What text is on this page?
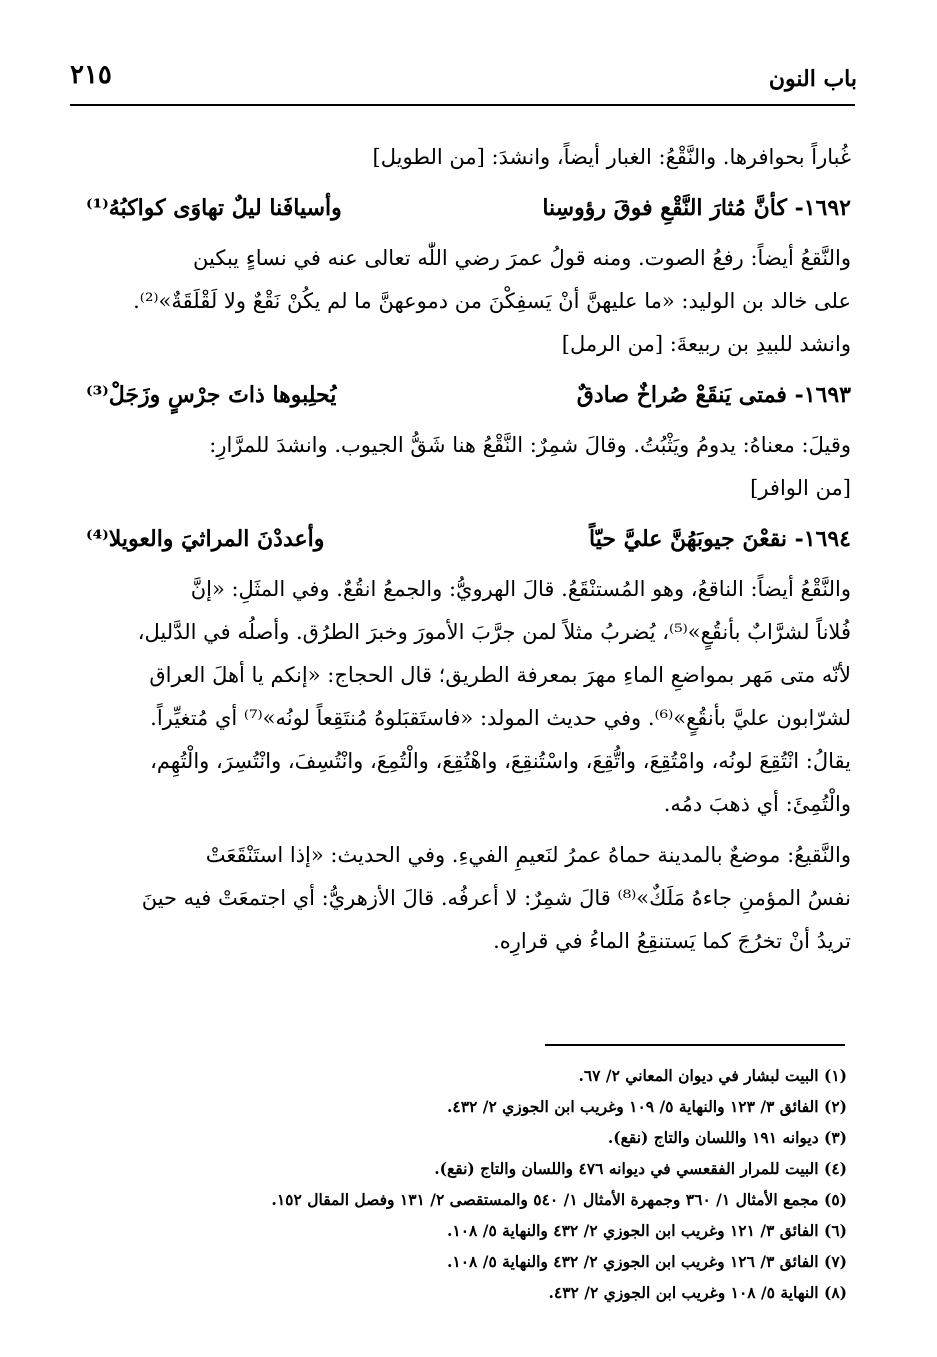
باب النون
٢١٥

غُباراً بحوافرها. والنَّقْعُ: الغبار أيضاً، وانشدَ: [من الطويل]

١٦٩٢- كأنَّ مُثارَ النَّقْعِ فوقَ رؤوسِنا
وأسيافَنا ليلٌ تهاوَى كواكبُهُ⁽¹⁾

والنَّقعُ أيضاً: رفعُ الصوت. ومنه قولُ عمرَ رضي اللّٰه تعالى عنه في نساءٍ يبكين

على خالد بن الوليد: «ما عليهنَّ أنْ يَسفِكْنَ من دموعهنَّ ما لم يكُنْ نَقْعٌ ولا لَقْلَقَةٌ»⁽²⁾.

وانشد للبيدِ بن ربيعةَ: [من الرمل]

١٦٩٣- فمتى يَنقَعْ صُراخٌ صادقٌ
يُحلِبوها ذاتَ جرْسٍ وزَجَلْ⁽³⁾

وقيلَ: معناهُ: يدومُ ويَثْبُتُ. وقالَ شمِرٌ: النَّقْعُ هنا شَقُّ الجيوب. وانشدَ للمرَّارِ:

[من الوافر]

١٦٩٤- نقعْنَ جيوبَهُنَّ عليَّ حيّاً
وأعددْنَ المراثيَ والعويلا⁽⁴⁾

والنَّقْعُ أيضاً: الناقعُ، وهو المُستنْقَعُ. قالَ الهرويُّ: والجمعُ انقُعٌ. وفي المثَلِ: «إنَّ

فُلاناً لشرَّابٌ بأنقُعٍ»⁽⁵⁾، يُضربُ مثلاً لمن جرَّبَ الأمورَ وخبرَ الطرُق. وأصلُه في الدَّليل،

لأنّه متى مَهر بمواضعِ الماءِ مهرَ بمعرفة الطريق؛ قال الحجاج: «إنكم يا أهلَ العراق

لشرّابون عليَّ بأنقُعٍ»⁽⁶⁾. وفي حديث المولد: «فاستَقبَلوهُ مُنتَقِعاً لونُه»⁽⁷⁾ أي مُتغيِّراً.

يقالُ: انْتُقِعَ لونُه، وامْتُقِعَ، واتُّقِعَ، واسْتُنقِعَ، واهْتُقِعَ، والْتُمِعَ، وانْتُسِفَ، وانْتُسِرَ، والْتُهِم،

والْتُمِئَ: أي ذهبَ دمُه.

والنَّقيعُ: موضعٌ بالمدينة حماهُ عمرُ لنَعيمِ الفيءِ. وفي الحديث: «إذا استَنْقَعَتْ

نفسُ المؤمنِ جاءهُ مَلَكٌ»⁽⁸⁾ قالَ شمِرٌ: لا أعرفُه. قالَ الأزهريُّ: أي اجتمعَتْ فيه حينَ

تريدُ أنْ تخرُجَ كما يَستنقِعُ الماءُ في قرارِه.

(١) البيت لبشار في ديوان المعاني ٢/ ٦٧.
(٢) الفائق ٣/ ١٢٣ والنهاية ٥/ ١٠٩ وغريب ابن الجوزي ٢/ ٤٣٢.
(٣) ديوانه ١٩١ واللسان والتاج (نقع).
(٤) البيت للمرار الفقعسي في ديوانه ٤٧٦ واللسان والتاج (نقع).
(٥) مجمع الأمثال ١/ ٣٦٠ وجمهرة الأمثال ١/ ٥٤٠ والمستقصى ٢/ ١٣١ وفصل المقال ١٥٢.
(٦) الفائق ٣/ ١٢١ وغريب ابن الجوزي ٢/ ٤٣٢ والنهاية ٥/ ١٠٨.
(٧) الفائق ٣/ ١٢٦ وغريب ابن الجوزي ٢/ ٤٣٢ والنهاية ٥/ ١٠٨.
(٨) النهاية ٥/ ١٠٨ وغريب ابن الجوزي ٢/ ٤٣٢.
